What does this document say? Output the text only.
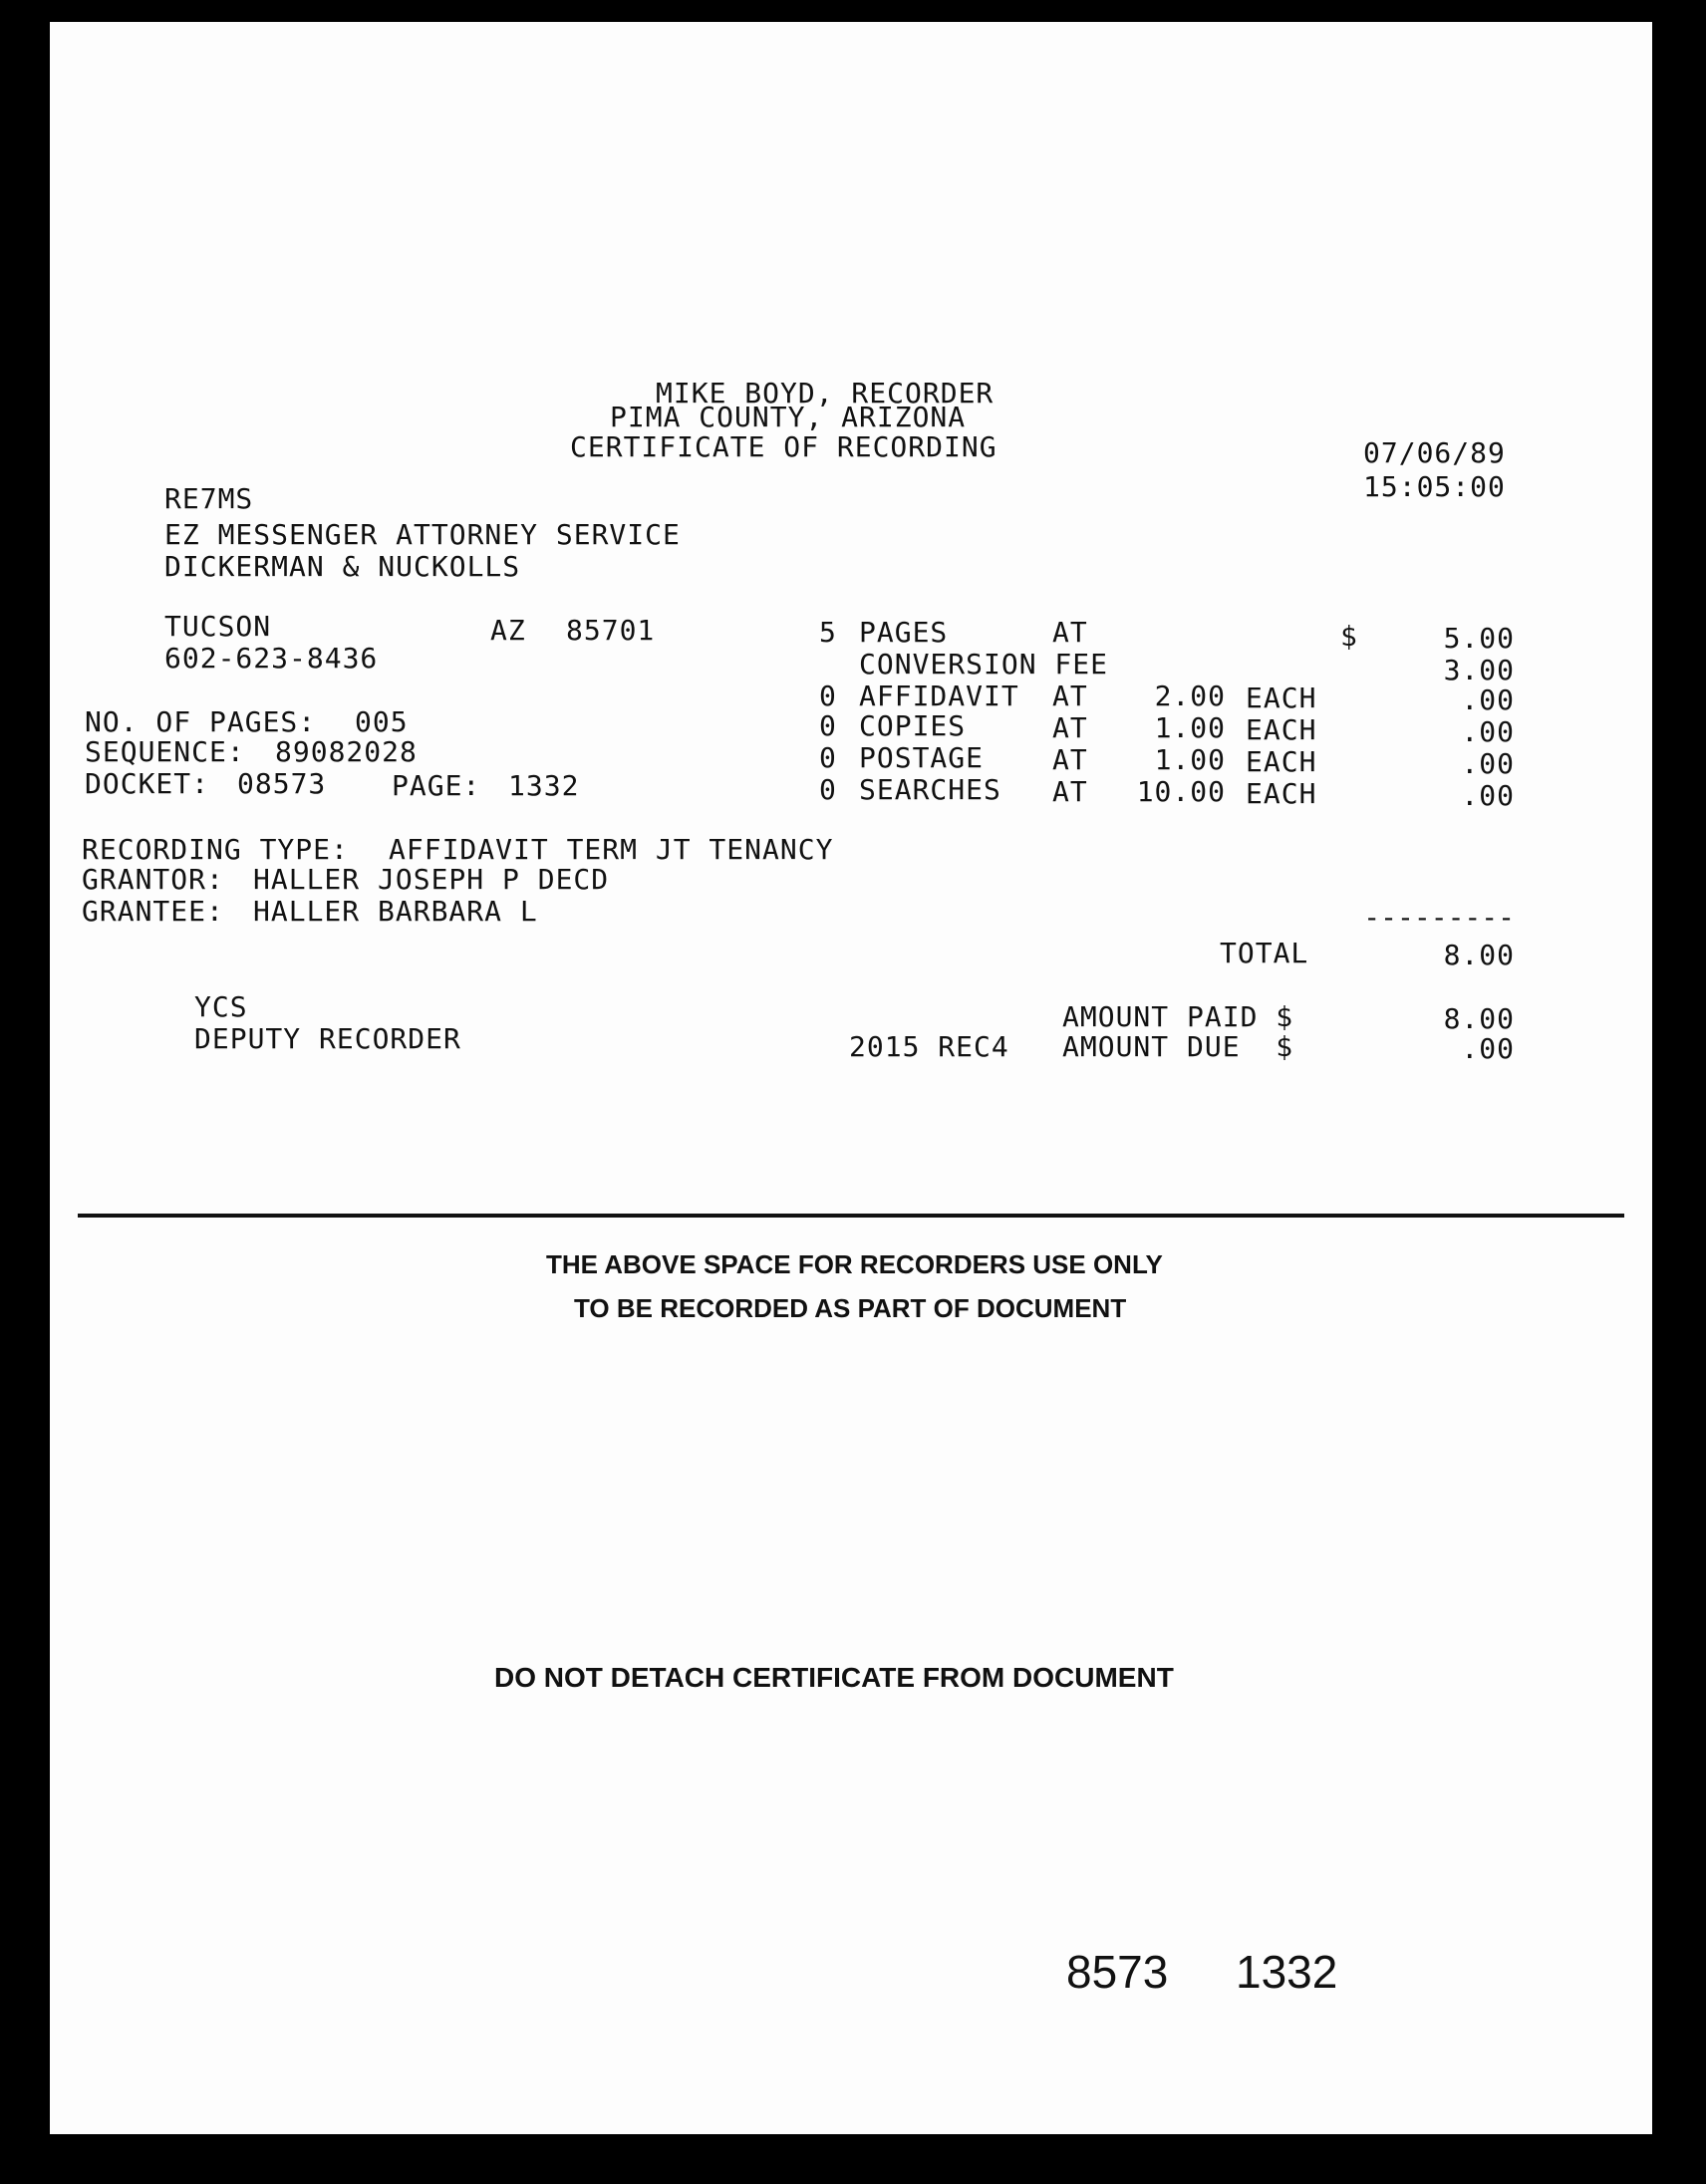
MIKE BOYD, RECORDER
PIMA COUNTY, ARIZONA
CERTIFICATE OF RECORDING	07/06/89
15:05:00
RE7MS
EZ MESSENGER ATTORNEY SERVICE
DICKERMAN & NUCKOLLS
TUCSON	AZ 85701
602-623-8436
NO. OF PAGES: 005
SEQUENCE: 89082028
DOCKET: 08573 PAGE: 1332
5 PAGES	AT	$	5.00
CONVERSION FEE	3.00
0 AFFIDAVIT AT	2.00 EACH	.00
0 COPIES	AT	1.00 EACH	.00
0 POSTAGE AT	1.00 EACH	.00
0 SEARCHES AT	10.00 EACH	.00
RECORDING TYPE: AFFIDAVIT TERM JT TENANCY
GRANTOR: HALLER JOSEPH P DECD
GRANTEE: HALLER BARBARA L	---------
TOTAL	8.00
YCS
DEPUTY RECORDER
AMOUNT PAID $	8.00
2015 REC4 AMOUNT DUE  $	.00
THE ABOVE SPACE FOR RECORDERS USE ONLY
TO BE RECORDED AS PART OF DOCUMENT
DO NOT DETACH CERTIFICATE FROM DOCUMENT
8573 1332
